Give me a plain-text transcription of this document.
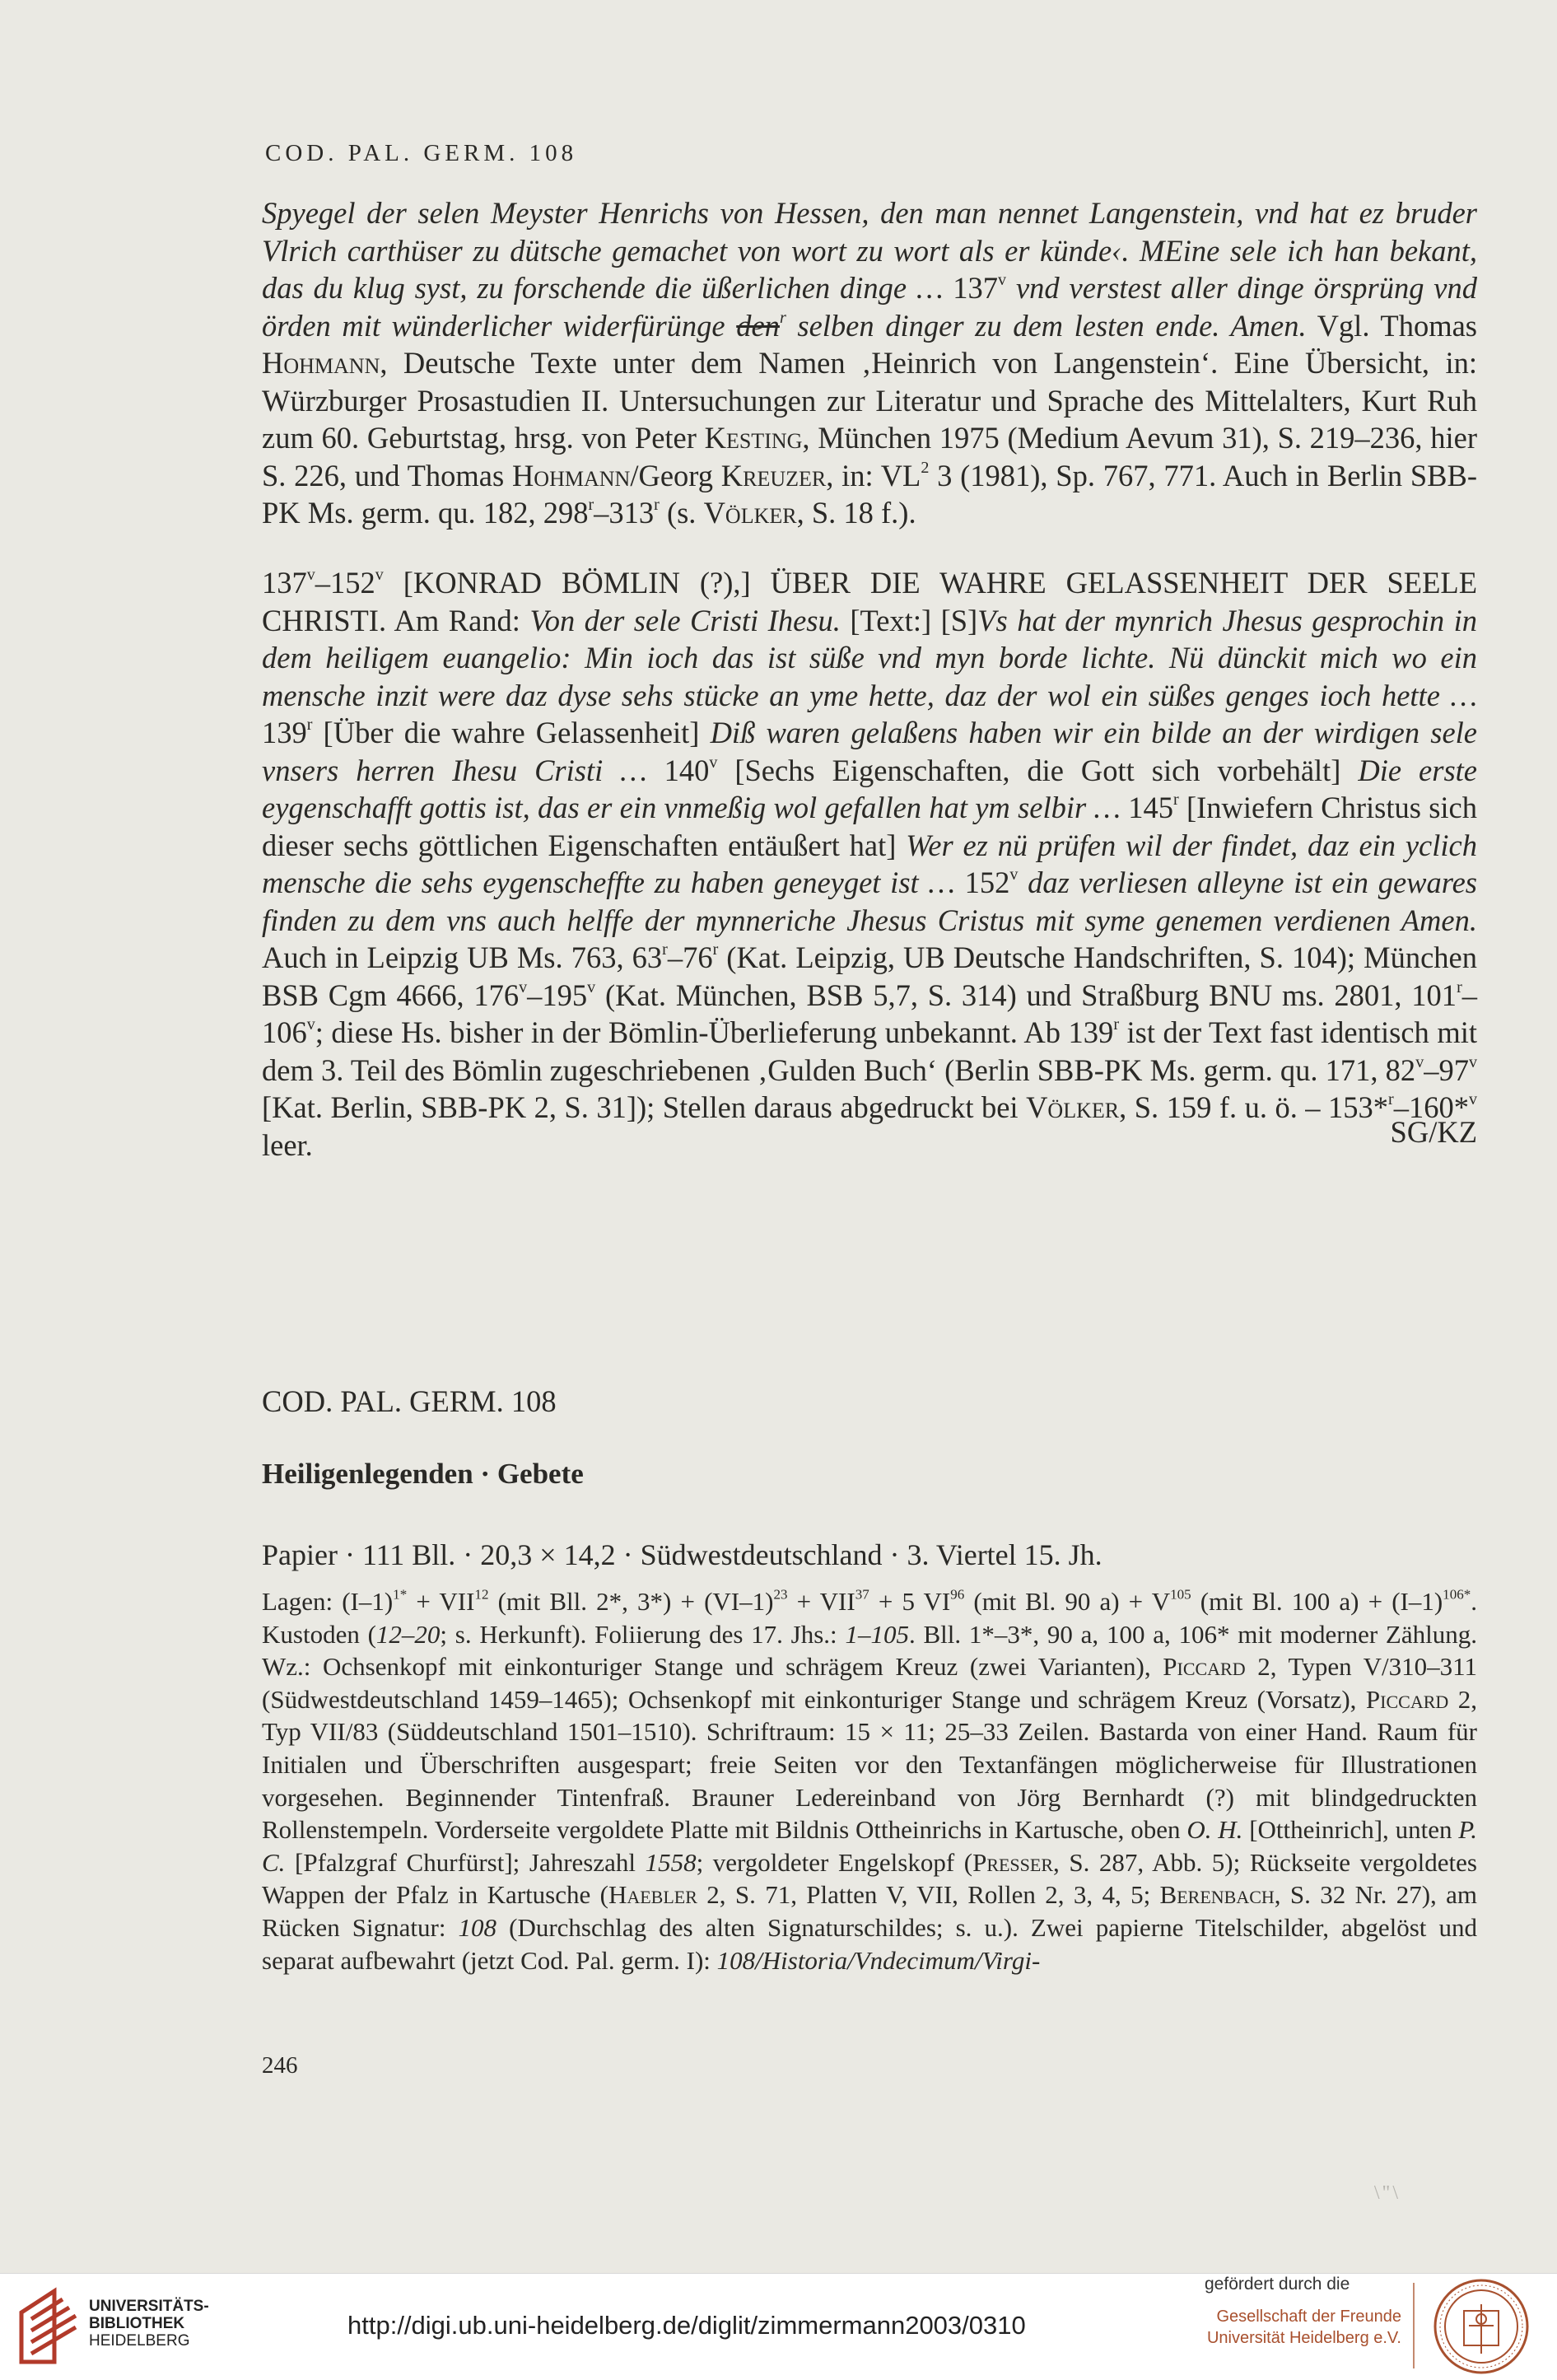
COD. PAL. GERM. 108

Spyegel der selen Meyster Henrichs von Hessen, den man nennet Langenstein, vnd hat ez bruder Vlrich carthüser zu dütsche gemachet von wort zu wort als er künde‹. MEine sele ich han bekant, das du klug syst, zu forschende die üßerlichen dinge … 137$^v$ vnd verstest aller dinge örsprüng vnd örden mit wünderlicher widerfürünge den$^r$ selben dinger zu dem lesten ende. Amen. Vgl. Thomas Hohmann, Deutsche Texte unter dem Namen ‚Heinrich von Langenstein‘. Eine Übersicht, in: Würzburger Prosastudien II. Untersuchungen zur Literatur und Sprache des Mittelalters, Kurt Ruh zum 60. Geburtstag, hrsg. von Peter Kesting, München 1975 (Medium Aevum 31), S. 219–236, hier S. 226, und Thomas Hohmann/Georg Kreuzer, in: $VL^2$ 3 (1981), Sp. 767, 771. Auch in Berlin SBB-PK Ms. germ. qu. 182, 298$^r$–313$^r$ (s. Völker, S. 18 f.).

137$^v$–152$^v$ [KONRAD BÖMLIN (?),] ÜBER DIE WAHRE GELASSENHEIT DER SEELE CHRISTI. Am Rand: Von der sele Cristi Ihesu. [Text:] [S]Vs hat der mynrich Jhesus gesprochin in dem heiligem euangelio: Min ioch das ist süße vnd myn borde lichte. Nü dünckit mich wo ein mensche inzit were daz dyse sehs stücke an yme hette, daz der wol ein süßes genges ioch hette … 139$^r$ [Über die wahre Gelassenheit] Diß waren gelaßens haben wir ein bilde an der wirdigen sele vnsers herren Ihesu Cristi … 140$^v$ [Sechs Eigenschaften, die Gott sich vorbehält] Die erste eygenschafft gottis ist, das er ein vnmeßig wol gefallen hat ym selbir … 145$^r$ [Inwiefern Christus sich dieser sechs göttlichen Eigenschaften entäußert hat] Wer ez nü prüfen wil der findet, daz ein yclich mensche die sehs eygenscheffte zu haben geneyget ist … 152$^v$ daz verliesen alleyne ist ein gewares finden zu dem vns auch helffe der mynneriche Jhesus Cristus mit syme genemen verdienen Amen. Auch in Leipzig UB Ms. 763, 63$^r$–76$^r$ (Kat. Leipzig, UB Deutsche Handschriften, S. 104); München BSB Cgm 4666, 176$^v$–195$^v$ (Kat. München, BSB 5,7, S. 314) und Straßburg BNU ms. 2801, 101$^r$–106$^v$; diese Hs. bisher in der Bömlin-Überlieferung unbekannt. Ab 139$^r$ ist der Text fast identisch mit dem 3. Teil des Bömlin zugeschriebenen ‚Gulden Buch‘ (Berlin SBB-PK Ms. germ. qu. 171, 82$^v$–97$^v$ [Kat. Berlin, SBB-PK 2, S. 31]); Stellen daraus abgedruckt bei Völker, S. 159 f. u. ö. – 153*$^r$–160*$^v$ leer.	SG/KZ
COD. PAL. GERM. 108
Heiligenlegenden · Gebete
Papier · 111 Bll. · 20,3 × 14,2 · Südwestdeutschland · 3. Viertel 15. Jh.

Lagen: $(I-1)^{1*} + VII^{12}$ (mit Bll. 2*, $3*) + (VI-1)^{23} + VII^{37} + 5$ VI$^{96}$ (mit Bl. 90 $a) + V^{105}$ (mit Bl. 100 $a) + (I-1)^{106*}$. Kustoden (12–20; s. Herkunft). Foliierung des 17. Jhs.: 1–105. Bll. 1*–3*, 90 a, 100 a, 106* mit moderner Zählung. Wz.: Ochsenkopf mit einkonturiger Stange und schrägem Kreuz (zwei Varianten), Piccard 2, Typen V/310–311 (Südwestdeutschland 1459–1465); Ochsenkopf mit einkonturiger Stange und schrägem Kreuz (Vorsatz), Piccard 2, Typ VII/83 (Süddeutschland 1501–1510). Schriftraum: 15 × 11; 25–33 Zeilen. Bastarda von einer Hand. Raum für Initialen und Überschriften ausgespart; freie Seiten vor den Textanfängen möglicherweise für Illustrationen vorgesehen. Beginnender Tintenfraß. Brauner Ledereinband von Jörg Bernhardt (?) mit blindgedruckten Rollenstempeln. Vorderseite vergoldete Platte mit Bildnis Ottheinrichs in Kartusche, oben O. H. [Ottheinrich], unten P. C. [Pfalzgraf Churfürst]; Jahreszahl 1558; vergoldeter Engelskopf (Presser, S. 287, Abb. 5); Rückseite vergoldetes Wappen der Pfalz in Kartusche (Haebler 2, S. 71, Platten V, VII, Rollen 2, 3, 4, 5; Berenbach, S. 32 Nr. 27), am Rücken Signatur: 108 (Durchschlag des alten Signaturschildes; s. u.). Zwei papierne Titelschilder, abgelöst und separat aufbewahrt (jetzt Cod. Pal. germ. I): 108/Historia/Vndecimum/Virgi-

246
\"\
UNIVERSITÄTS-
BIBLIOTHEK
HEIDELBERG
http://digi.ub.uni-heidelberg.de/diglit/zimmermann2003/0310
gefördert durch die
Gesellschaft der Freunde
Universität Heidelberg e.V.
